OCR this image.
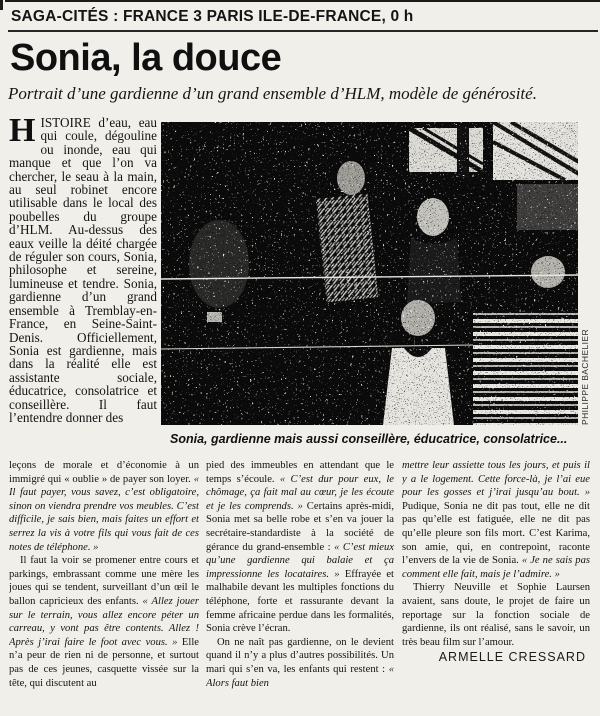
SAGA-CITÉS : FRANCE 3 PARIS ILE-DE-FRANCE, 0 h
Sonia, la douce

Portrait d’une gardienne d’un grand ensemble d’HLM, modèle de générosité.

HISTOIRE d’eau, eau qui coule, dégouline ou inonde, eau qui manque et que l’on va chercher, le seau à la main, au seul robinet encore utilisable dans le local des poubelles du groupe d’HLM. Au-dessus des eaux veille la déité chargée de réguler son cours, Sonia, philosophe et sereine, lumineuse et tendre. Sonia, gardienne d’un grand ensemble à Tremblay-en-France, en Seine-Saint-Denis. Officiellement, Sonia est gardienne, mais dans la réalité elle est assistante sociale, éducatrice, consolatrice et conseillère. Il faut l’entendre donner des	PHILIPPE BACHELIER
Sonia, gardienne mais aussi conseillère, éducatrice, consolatrice...

leçons de morale et d’économie à un immigré qui « oublie » de payer son loyer. « Il faut payer, vous savez, c’est obligatoire, sinon on viendra prendre vos meubles. C’est difficile, je sais bien, mais faites un effort et serrez la vis à votre fils qui vous fait de ces notes de téléphone. »

Il faut la voir se promener entre cours et parkings, embrassant comme une mère les joues qui se tendent, surveillant d’un œil le ballon capricieux des enfants. « Allez jouer sur le terrain, vous allez encore péter un carreau, y vont pas être contents. Allez ! Après j’irai faire le foot avec vous. » Elle n’a peur de rien ni de personne, et surtout pas de ces jeunes, casquette vissée sur la tête, qui discutent au

pied des immeubles en attendant que le temps s’écoule. « C’est dur pour eux, le chômage, ça fait mal au cœur, je les écoute et je les comprends. » Certains après-midi, Sonia met sa belle robe et s’en va jouer la secrétaire-standardiste à la société de gérance du grand-ensemble : « C’est mieux qu’une gardienne qui balaie et ça impressionne les locataires. » Effrayée et malhabile devant les multiples fonctions du téléphone, forte et rassurante devant la femme africaine perdue dans les formalités, Sonia crève l’écran.

On ne naît pas gardienne, on le devient quand il n’y a plus d’autres possibilités. Un mari qui s’en va, les enfants qui restent : « Alors faut bien

mettre leur assiette tous les jours, et puis il y a le logement. Cette force-là, je l’ai eue pour les gosses et j’irai jusqu’au bout. » Pudique, Sonia ne dit pas tout, elle ne dit pas qu’elle est fatiguée, elle ne dit pas qu’elle pleure son fils mort. C’est Karima, son amie, qui, en contrepoint, raconte l’envers de la vie de Sonia. « Je ne sais pas comment elle fait, mais je l’admire. »

Thierry Neuville et Sophie Laursen avaient, sans doute, le projet de faire un reportage sur la fonction sociale de gardienne, ils ont réalisé, sans le savoir, un très beau film sur l’amour.

ARMELLE CRESSARD
